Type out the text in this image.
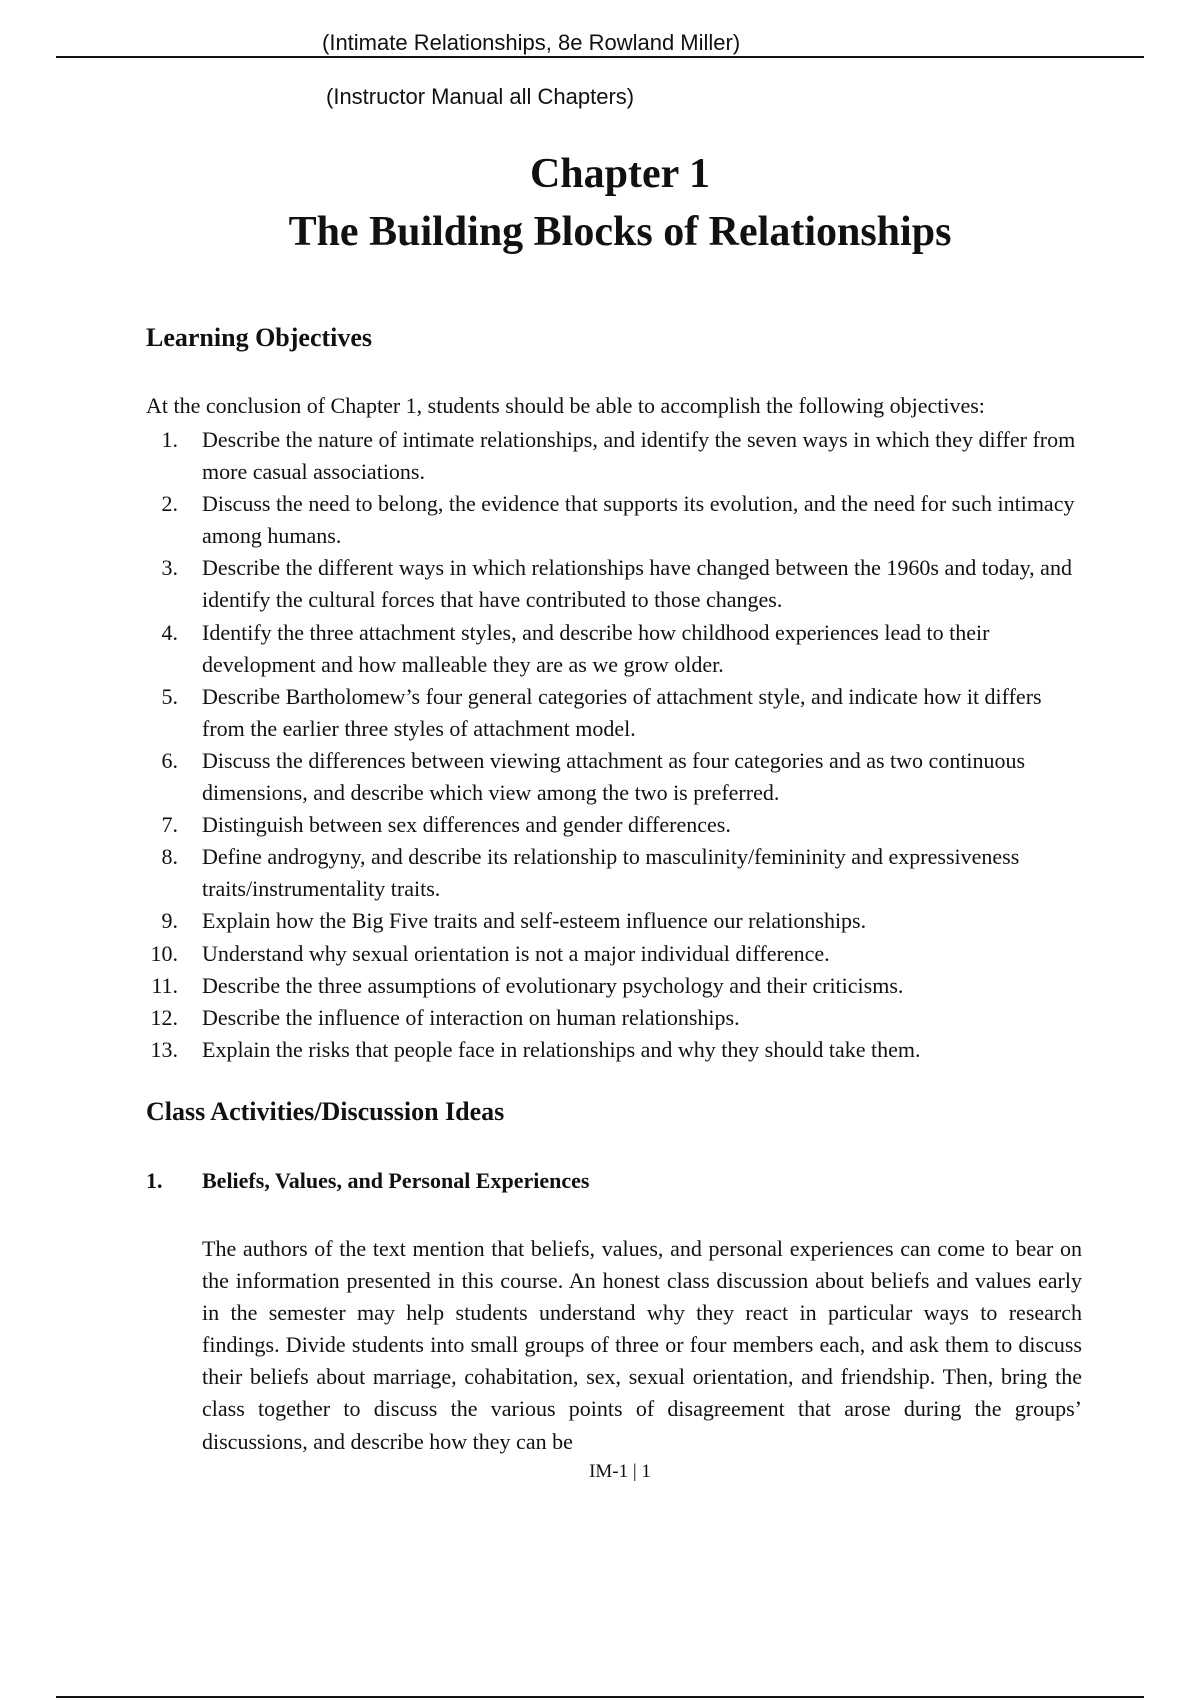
(Intimate Relationships, 8e Rowland Miller)
(Instructor Manual all Chapters)
Chapter 1
The Building Blocks of Relationships
Learning Objectives
At the conclusion of Chapter 1, students should be able to accomplish the following objectives:
1. Describe the nature of intimate relationships, and identify the seven ways in which they differ from more casual associations.
2. Discuss the need to belong, the evidence that supports its evolution, and the need for such intimacy among humans.
3. Describe the different ways in which relationships have changed between the 1960s and today, and identify the cultural forces that have contributed to those changes.
4. Identify the three attachment styles, and describe how childhood experiences lead to their development and how malleable they are as we grow older.
5. Describe Bartholomew’s four general categories of attachment style, and indicate how it differs from the earlier three styles of attachment model.
6. Discuss the differences between viewing attachment as four categories and as two continuous dimensions, and describe which view among the two is preferred.
7. Distinguish between sex differences and gender differences.
8. Define androgyny, and describe its relationship to masculinity/femininity and expressiveness traits/instrumentality traits.
9. Explain how the Big Five traits and self-esteem influence our relationships.
10. Understand why sexual orientation is not a major individual difference.
11. Describe the three assumptions of evolutionary psychology and their criticisms.
12. Describe the influence of interaction on human relationships.
13. Explain the risks that people face in relationships and why they should take them.
Class Activities/Discussion Ideas
1. Beliefs, Values, and Personal Experiences

The authors of the text mention that beliefs, values, and personal experiences can come to bear on the information presented in this course. An honest class discussion about beliefs and values early in the semester may help students understand why they react in particular ways to research findings. Divide students into small groups of three or four members each, and ask them to discuss their beliefs about marriage, cohabitation, sex, sexual orientation, and friendship. Then, bring the class together to discuss the various points of disagreement that arose during the groups’ discussions, and describe how they can be

IM-1 | 1
